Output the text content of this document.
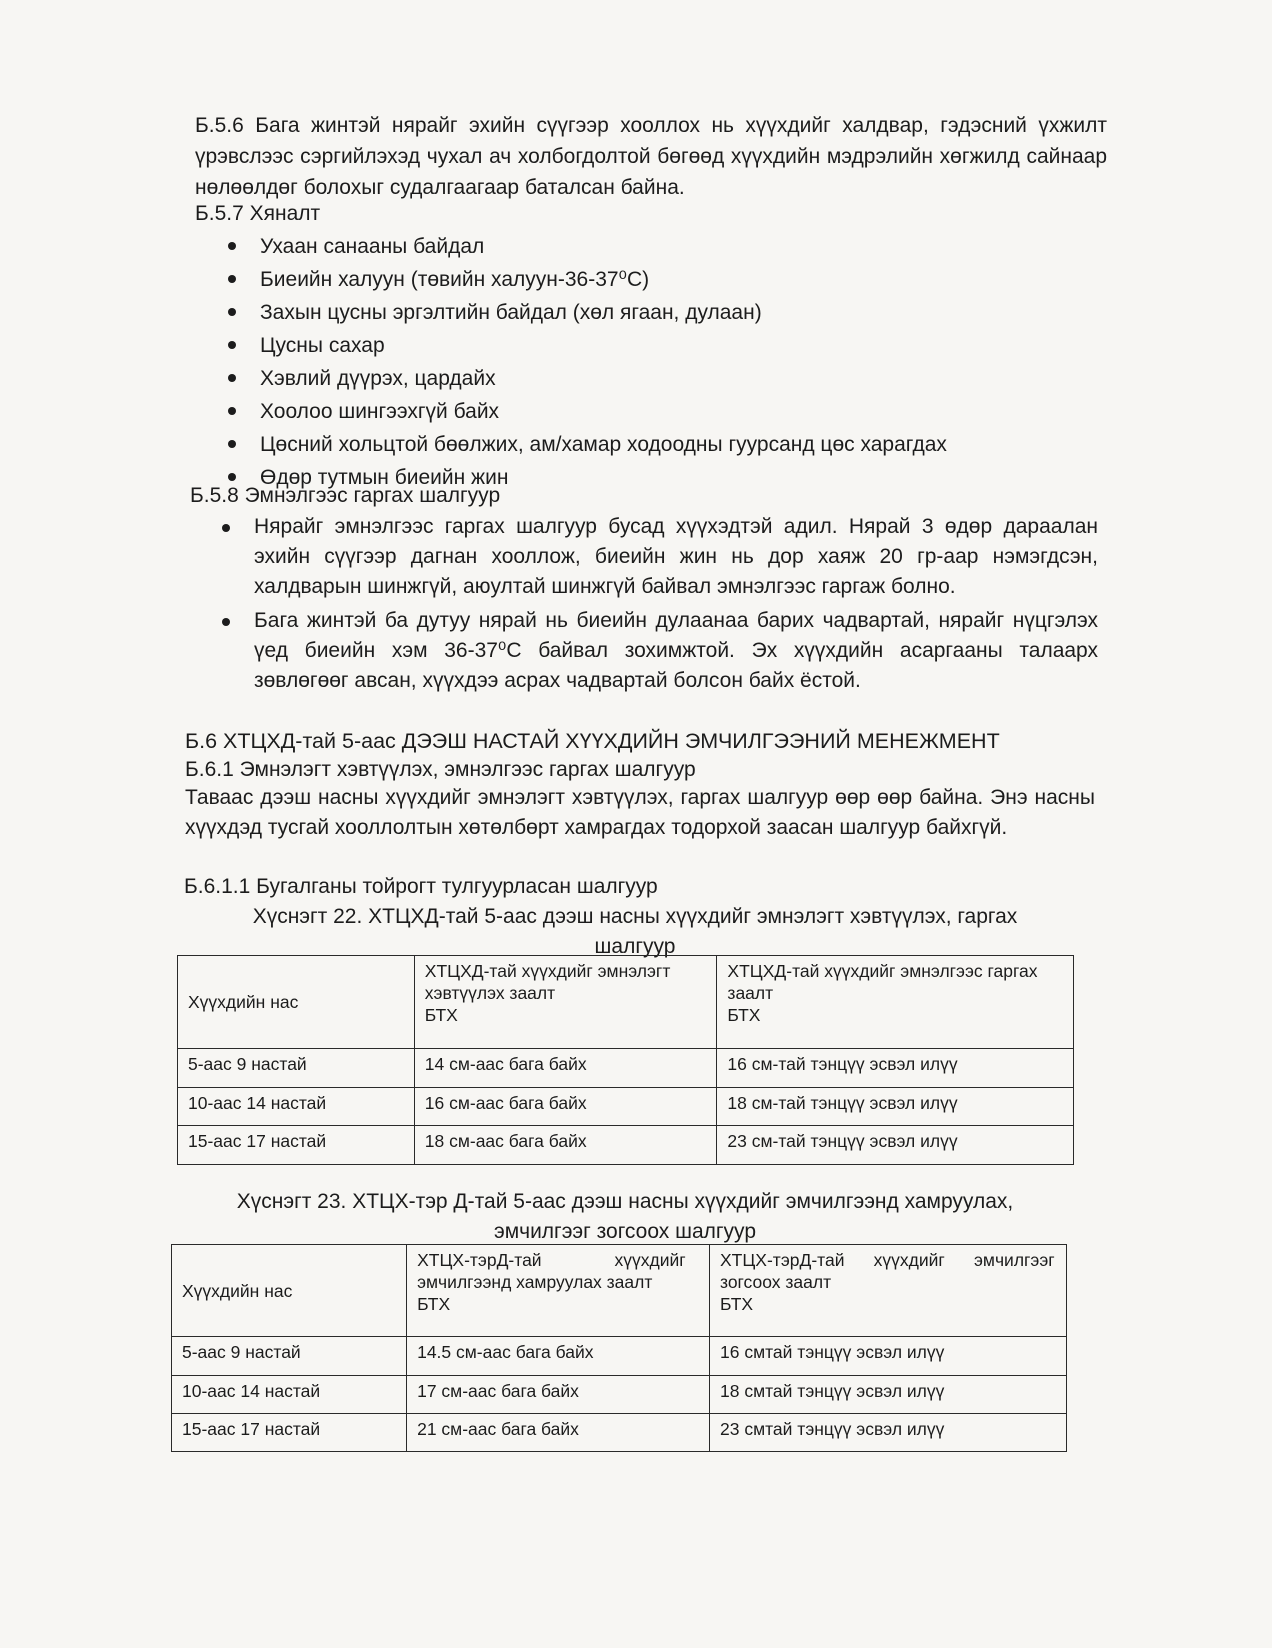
Б.5.6 Бага жинтэй нярайг эхийн сүүгээр хооллох нь хүүхдийг халдвар, гэдэсний үхжилт үрэвслээс сэргийлэхэд чухал ач холбогдолтой бөгөөд хүүхдийн мэдрэлийн хөгжилд сайнаар нөлөөлдөг болохыг судалгаагаар баталсан байна.
Б.5.7 Хяналт
Ухаан санааны байдал
Биеийн халуун (төвийн халуун-36-37⁰С)
Захын цусны эргэлтийн байдал (хөл ягаан, дулаан)
Цусны сахар
Хэвлий дүүрэх, цардайх
Хоолоо шингээхгүй байх
Цөсний хольцтой бөөлжих, ам/хамар ходоодны гуурсанд цөс харагдах
Өдөр тутмын биеийн жин
Б.5.8 Эмнэлгээс гаргах шалгуур
Нярайг эмнэлгээс гаргах шалгуур бусад хүүхэдтэй адил. Нярай 3 өдөр дараалан эхийн сүүгээр дагнан хооллож, биеийн жин нь дор хаяж 20 гр-аар нэмэгдсэн, халдварын шинжгүй, аюултай шинжгүй байвал эмнэлгээс гаргаж болно.
Бага жинтэй ба дутуу нярай нь биеийн дулаанаа барих чадвартай, нярайг нүцгэлэх үед биеийн хэм 36-37⁰С байвал зохимжтой. Эх хүүхдийн асаргааны талаарх зөвлөгөөг авсан, хүүхдээ асрах чадвартай болсон байх ёстой.
Б.6 ХТЦХД-тай 5-аас ДЭЭШ НАСТАЙ ХҮҮХДИЙН ЭМЧИЛГЭЭНИЙ МЕНЕЖМЕНТ
Б.6.1 Эмнэлэгт хэвтүүлэх, эмнэлгээс гаргах шалгуур
Таваас дээш насны хүүхдийг эмнэлэгт хэвтүүлэх, гаргах шалгуур өөр өөр байна. Энэ насны хүүхдэд тусгай хооллолтын хөтөлбөрт хамрагдах тодорхой заасан шалгуур байхгүй.
Б.6.1.1 Бугалганы тойрогт тулгуурласан шалгуур
Хүснэгт 22. ХТЦХД-тай 5-аас дээш насны хүүхдийг эмнэлэгт хэвтүүлэх, гаргах
шалгуур
Хүүхдийн нас	ХТЦХД-тай хүүхдийг эмнэлэгт
хэвтүүлэх заалт
БТХ	ХТЦХД-тай хүүхдийг эмнэлгээс гаргах
заалт
БТХ

5-аас 9 настай	14 см-аас бага байх	16 см-тай тэнцүү эсвэл илүү
10-аас 14 настай	16 см-аас бага байх	18 см-тай тэнцүү эсвэл илүү
15-аас 17 настай	18 см-аас бага байх	23 см-тай тэнцүү эсвэл илүү
Хүснэгт 23. ХТЦХ-тэр Д-тай 5-аас дээш насны хүүхдийг эмчилгээнд хамруулах,
эмчилгээг зогсоох шалгуур
Хүүхдийн нас	ХТЦХ-тэрД-тай               хүүхдийг
эмчилгээнд хамруулах заалт
БТХ	ХТЦХ-тэрД-тай      хүүхдийг      эмчилгээг
зогсоох заалт
БТХ

5-аас 9 настай	14.5 см-аас бага байх	16 смтай тэнцүү эсвэл илүү
10-аас 14 настай	17 см-аас бага байх	18 смтай тэнцүү эсвэл илүү
15-аас 17 настай	21 см-аас бага байх	23 смтай тэнцүү эсвэл илүү
